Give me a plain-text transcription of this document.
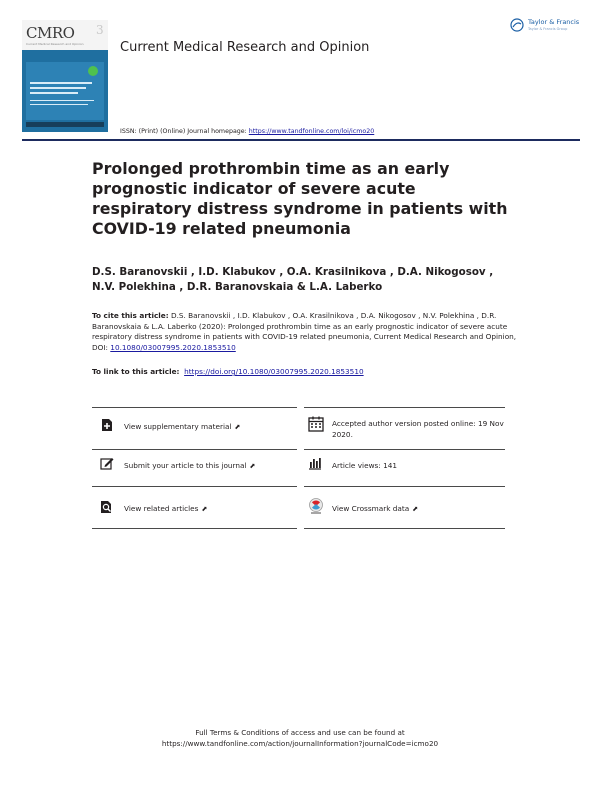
CMRO
Current Medical Research and Opinion
3
Current Medical Research and Opinion
ISSN: (Print) (Online) Journal homepage: https://www.tandfonline.com/loi/icmo20
Taylor & Francis
Taylor & Francis Group
Prolonged prothrombin time as an early prognostic indicator of severe acute respiratory distress syndrome in patients with COVID-19 related pneumonia
D.S. Baranovskii , I.D. Klabukov , O.A. Krasilnikova , D.A. Nikogosov , N.V. Polekhina , D.R. Baranovskaia & L.A. Laberko
To cite this article: D.S. Baranovskii , I.D. Klabukov , O.A. Krasilnikova , D.A. Nikogosov , N.V. Polekhina , D.R. Baranovskaia & L.A. Laberko (2020): Prolonged prothrombin time as an early prognostic indicator of severe acute respiratory distress syndrome in patients with COVID-19 related pneumonia, Current Medical Research and Opinion, DOI: 10.1080/03007995.2020.1853510
To link to this article: https://doi.org/10.1080/03007995.2020.1853510
View supplementary material ⬈	Accepted author version posted online: 19 Nov 2020.
Submit your article to this journal ⬈	Article views: 141
View related articles ⬈	View Crossmark data ⬈
Full Terms & Conditions of access and use can be found at
https://www.tandfonline.com/action/journalInformation?journalCode=icmo20
